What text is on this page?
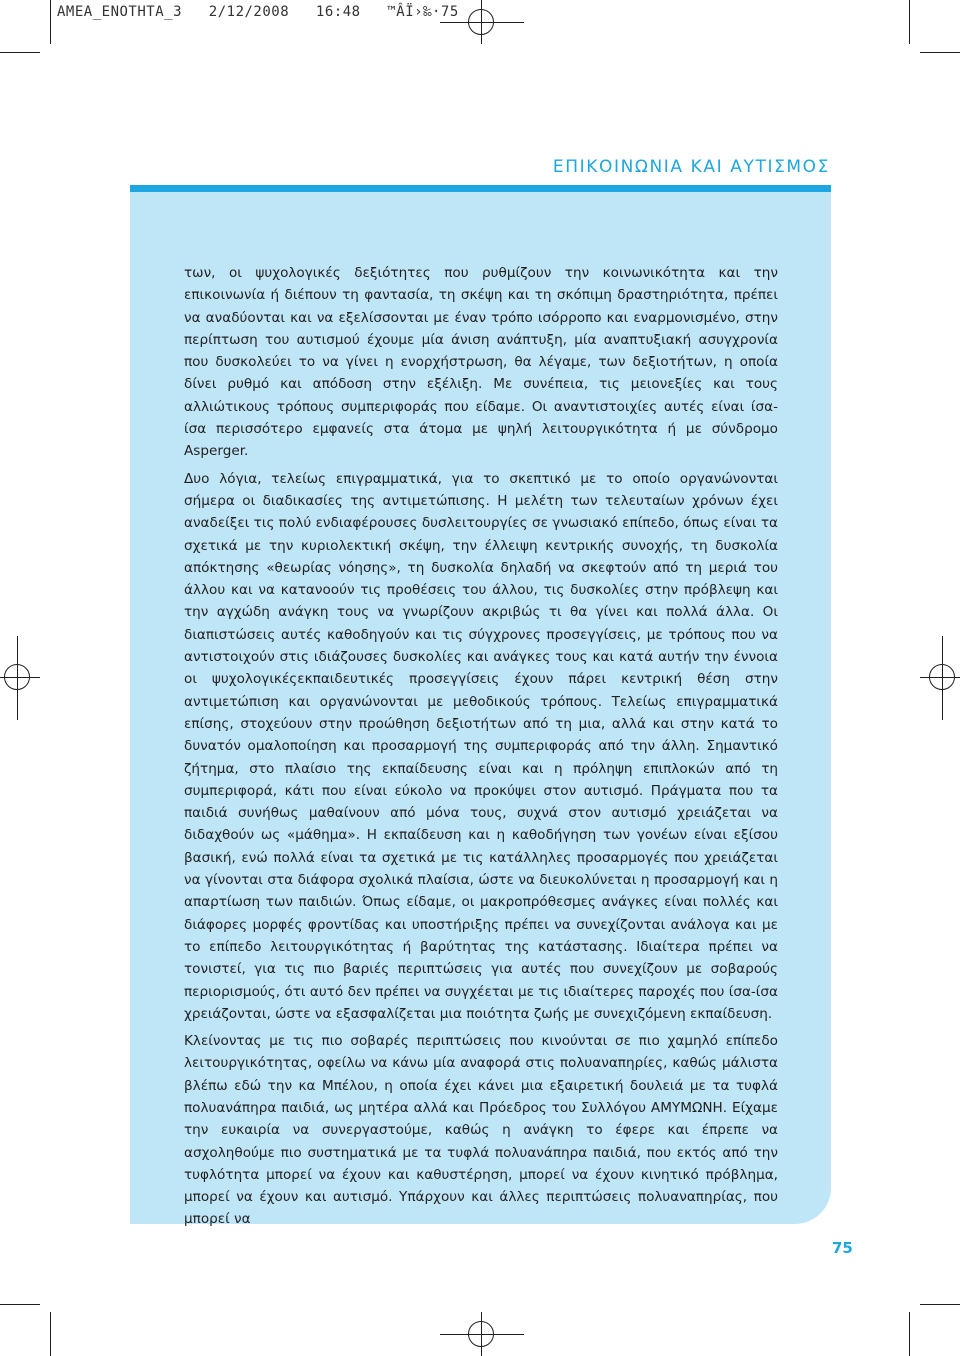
AMEA_ENOTHTA_3   2/12/2008   16:48   ™ÂÏ›‰·75
ΕΠΙΚΟΙΝΩΝΙΑ ΚΑΙ ΑΥΤΙΣΜΟΣ

των, οι ψυχολογικές δεξιότητες που ρυθμίζουν την κοινωνικότητα και την επικοινωνία ή διέπουν τη φαντασία, τη σκέψη και τη σκόπιμη δραστηριότητα, πρέπει να αναδύονται και να εξελίσσονται με έναν τρόπο ισόρροπο και εναρμονισμένο, στην περίπτωση του αυτισμού έχουμε μία άνιση ανάπτυξη, μία αναπτυξιακή ασυγχρονία που δυσκολεύει το να γίνει η ενορχήστρωση, θα λέγαμε, των δεξιοτήτων, η οποία δίνει ρυθμό και απόδοση στην εξέλιξη. Με συνέπεια, τις μειονεξίες και τους αλλιώτικους τρόπους συμπεριφοράς που είδαμε. Οι αναντιστοιχίες αυτές είναι ίσα-ίσα περισσότερο εμφανείς στα άτομα με ψηλή λειτουργικότητα ή με σύνδρομο Asperger.

Δυο λόγια, τελείως επιγραμματικά, για το σκεπτικό με το οποίο οργανώνονται σήμερα οι διαδικασίες της αντιμετώπισης. Η μελέτη των τελευταίων χρόνων έχει αναδείξει τις πολύ ενδιαφέρουσες δυσλειτουργίες σε γνωσιακό επίπεδο, όπως είναι τα σχετικά με την κυριολεκτική σκέψη, την έλλειψη κεντρικής συνοχής, τη δυσκολία απόκτησης «θεωρίας νόησης», τη δυσκολία δηλαδή να σκεφτούν από τη μεριά του άλλου και να κατανοούν τις προθέσεις του άλλου, τις δυσκολίες στην πρόβλεψη και την αγχώδη ανάγκη τους να γνωρίζουν ακριβώς τι θα γίνει και πολλά άλλα. Οι διαπιστώσεις αυτές καθοδηγούν και τις σύγχρονες προσεγγίσεις, με τρόπους που να αντιστοιχούν στις ιδιάζουσες δυσκολίες και ανάγκες τους και κατά αυτήν την έννοια οι ψυχολογικέςεκπαιδευτικές προσεγγίσεις έχουν πάρει κεντρική θέση στην αντιμετώπιση και οργανώνονται με μεθοδικούς τρόπους. Τελείως επιγραμματικά επίσης, στοχεύουν στην προώθηση δεξιοτήτων από τη μια, αλλά και στην κατά το δυνατόν ομαλοποίηση και προσαρμογή της συμπεριφοράς από την άλλη. Σημαντικό ζήτημα, στο πλαίσιο της εκπαίδευσης είναι και η πρόληψη επιπλοκών από τη συμπεριφορά, κάτι που είναι εύκολο να προκύψει στον αυτισμό. Πράγματα που τα παιδιά συνήθως μαθαίνουν από μόνα τους, συχνά στον αυτισμό χρειάζεται να διδαχθούν ως «μάθημα». Η εκπαίδευση και η καθοδήγηση των γονέων είναι εξίσου βασική, ενώ πολλά είναι τα σχετικά με τις κατάλληλες προσαρμογές που χρειάζεται να γίνονται στα διάφορα σχολικά πλαίσια, ώστε να διευκολύνεται η προσαρμογή και η απαρτίωση των παιδιών. Όπως είδαμε, οι μακροπρόθεσμες ανάγκες είναι πολλές και διάφορες μορφές φροντίδας και υποστήριξης πρέπει να συνεχίζονται ανάλογα και με το επίπεδο λειτουργικότητας ή βαρύτητας της κατάστασης. Ιδιαίτερα πρέπει να τονιστεί, για τις πιο βαριές περιπτώσεις για αυτές που συνεχίζουν με σοβαρούς περιορισμούς, ότι αυτό δεν πρέπει να συγχέεται με τις ιδιαίτερες παροχές που ίσα-ίσα χρειάζονται, ώστε να εξασφαλίζεται μια ποιότητα ζωής με συνεχιζόμενη εκπαίδευση.

Κλείνοντας με τις πιο σοβαρές περιπτώσεις που κινούνται σε πιο χαμηλό επίπεδο λειτουργικότητας, οφείλω να κάνω μία αναφορά στις πολυαναπηρίες, καθώς μάλιστα βλέπω εδώ την κα Μπέλου, η οποία έχει κάνει μια εξαιρετική δουλειά με τα τυφλά πολυανάπηρα παιδιά, ως μητέρα αλλά και Πρόεδρος του Συλλόγου ΑΜΥΜΩΝΗ. Είχαμε την ευκαιρία να συνεργαστούμε, καθώς η ανάγκη το έφερε και έπρεπε να ασχοληθούμε πιο συστηματικά με τα τυφλά πολυανάπηρα παιδιά, που εκτός από την τυφλότητα μπορεί να έχουν και καθυστέρηση, μπορεί να έχουν κινητικό πρόβλημα, μπορεί να έχουν και αυτισμό. Υπάρχουν και άλλες περιπτώσεις πολυαναπηρίας, που μπορεί να

75
